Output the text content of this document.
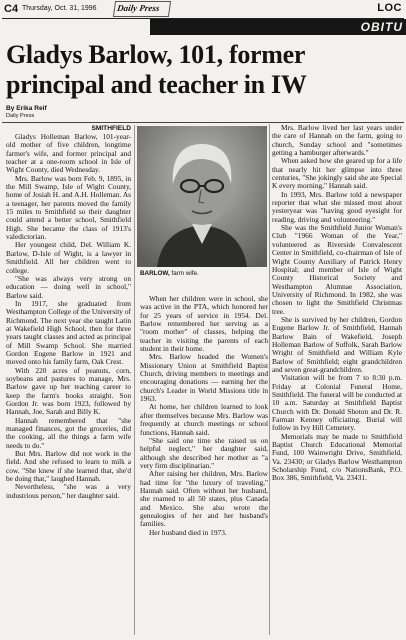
C4 Thursday, Oct. 31, 1996	Daily Press	LOC
OBITU
Gladys Barlow, 101, former principal and teacher in IW
By Erika Reif
Daily Press
SMITHFIELD

Gladys Holleman Barlow, 101-year-old mother of five children, longtime farmer's wife, and former principal and teacher at a one-room school in Isle of Wight County, died Wednesday.

Mrs. Barlow was born Feb. 9, 1895, in the Mill Swamp, Isle of Wight County, home of Josiah H. and A.H. Holleman. As a teenager, her parents moved the family 15 miles to Smithfield so their daughter could attend a better school, Smithfield High. She became the class of 1913's valedictorian.

Her youngest child, Del. William K. Barlow, D-Isle of Wight, is a lawyer in Smithfield. All her children went to college.

"She was always very strong on education — doing well in school," Barlow said.

In 1917, she graduated from Westhampton College of the University of Richmond. The next year she taught Latin at Wakefield High School, then for three years taught classes and acted as principal of Mill Swamp School. She married Gordon Eugene Barlow in 1921 and moved onto his family farm, Oak Crest.

With 220 acres of peanuts, corn, soybeans and pastures to manage, Mrs. Barlow gave up her teaching career to keep the farm's books straight. Son Gordon Jr. was born 1923, followed by Hannah, Joe, Sarah and Billy K.

Hannah remembered that "she managed finances, got the groceries, did the cooking, all the things a farm wife needs to do."

But Mrs. Barlow did not work in the field. And she refused to learn to milk a cow. "She knew if she learned that, she'd be doing that," laughed Hannah.

Nevertheless, "she was a very industrious person," her daughter said.

BARLOW, farm wife.

When her children were in school, she was active in the PTA, which honored her for 25 years of service in 1954. Del. Barlow remembered her serving as a "room mother" of classes, helping the teacher in visiting the parents of each student in their home.

Mrs. Barlow headed the Women's Missionary Union at Smithfield Baptist Church, driving members to meetings and encouraging donations — earning her the church's Leader in World Missions title in 1963.

At home, her children learned to look after themselves because Mrs. Barlow was frequently at church meetings or school functions, Hannah said.

"She said one time she raised us on helpful neglect," her daughter said, although she described her mother as "a very firm disciplinarian."

After raising her children, Mrs. Barlow had time for "the luxury of traveling," Hannah said. Often without her husband, she roamed to all 50 states, plus Canada and Mexico. She also wrote the genealogies of her and her husband's families.

Her husband died in 1973.

Mrs. Barlow lived her last years under the care of Hannah on the farm, going to church, Sunday school and "sometimes getting a hamburger afterwards."

When asked how she geared up for a life that nearly hit her glimpse into three centuries, "She jokingly said she ate Special K every morning," Hannah said.

In 1993, Mrs. Barlow told a newspaper reporter that what she missed most about yesteryear was "having good eyesight for reading, driving and volunteering."

She was the Smithfield Junior Woman's Club "1966 Woman of the Year," volunteered as Riverside Convalescent Center in Smithfield, co-chairman of Isle of Wight County Auxiliary of Patrick Henry Hospital; and member of Isle of Wight County Historical Society and Westhampton Alumnae Association, University of Richmond. In 1982, she was chosen to light the Smithfield Christmas tree.

She is survived by her children, Gordon Eugene Barlow Jr. of Smithfield, Hannah Barlow Bain of Wakefield, Joseph Holleman Barlow of Suffolk, Sarah Barlow Wright of Smithfield and William Kyle Barlow of Smithfield; eight grandchildren and seven great-grandchildren.

Visitation will be from 7 to 8:30 p.m. Friday at Colonial Funeral Home, Smithfield. The funeral will be conducted at 10 a.m. Saturday at Smithfield Baptist Church with Dr. Donald Shoton and Dr. R. Farman Kenney officiating. Burial will follow in Ivy Hill Cemetery.

Memorials may be made to Smithfield Baptist Church Educational Memorial Fund, 100 Wainwright Drive, Smithfield, Va. 23430; or Gladys Barlow Westhampton Scholarship Fund, c/o NationsBank, P.O. Box 386, Smithfield, Va. 23431.
